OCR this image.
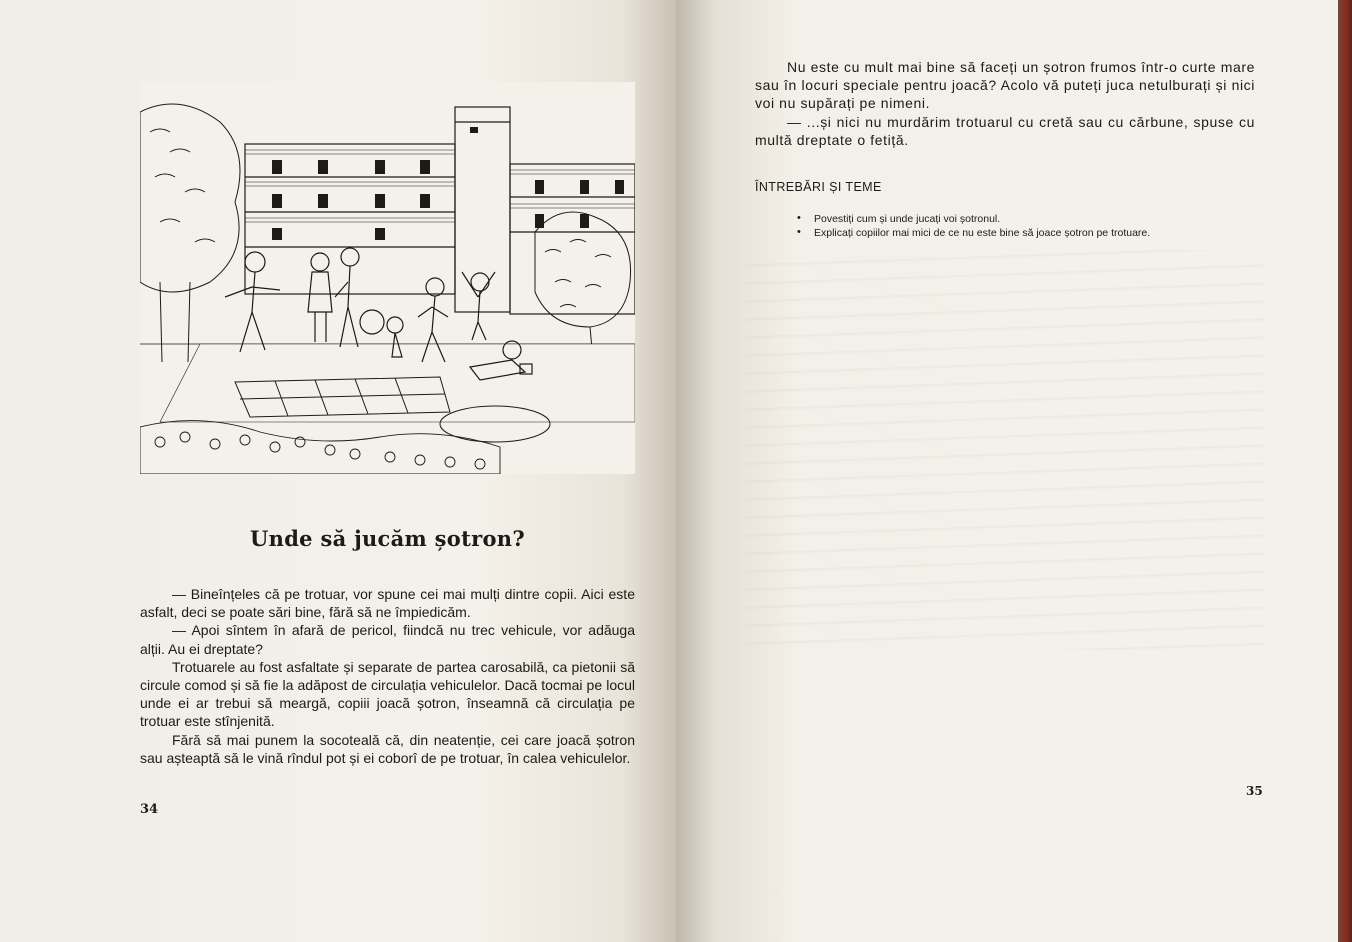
Unde să jucăm șotron?

— Bineînțeles că pe trotuar, vor spune cei mai mulți dintre copii. Aici este asfalt, deci se poate sări bine, fără să ne împiedicăm.

— Apoi sîntem în afară de pericol, fiindcă nu trec vehicule, vor adăuga alții. Au ei dreptate?

Trotuarele au fost asfaltate și separate de partea carosabilă, ca pietonii să circule comod și să fie la adăpost de circulația vehiculelor. Dacă tocmai pe locul unde ei ar trebui să meargă, copiii joacă șotron, înseamnă că circulația pe trotuar este stînjenită.

Fără să mai punem la socoteală că, din neatenție, cei care joacă șotron sau așteaptă să le vină rîndul pot și ei coborî de pe trotuar, în calea vehiculelor.

34

Nu este cu mult mai bine să faceți un șotron frumos într-o curte mare sau în locuri speciale pentru joacă? Acolo vă puteți juca netulburați și nici voi nu supărați pe nimeni.

— ...și nici nu murdărim trotuarul cu cretă sau cu cărbune, spuse cu multă dreptate o fetiță.

ÎNTREBĂRI ȘI TEME
• Povestiți cum și unde jucați voi șotronul.
• Explicați copiilor mai mici de ce nu este bine să joace șotron pe trotuare.
35
